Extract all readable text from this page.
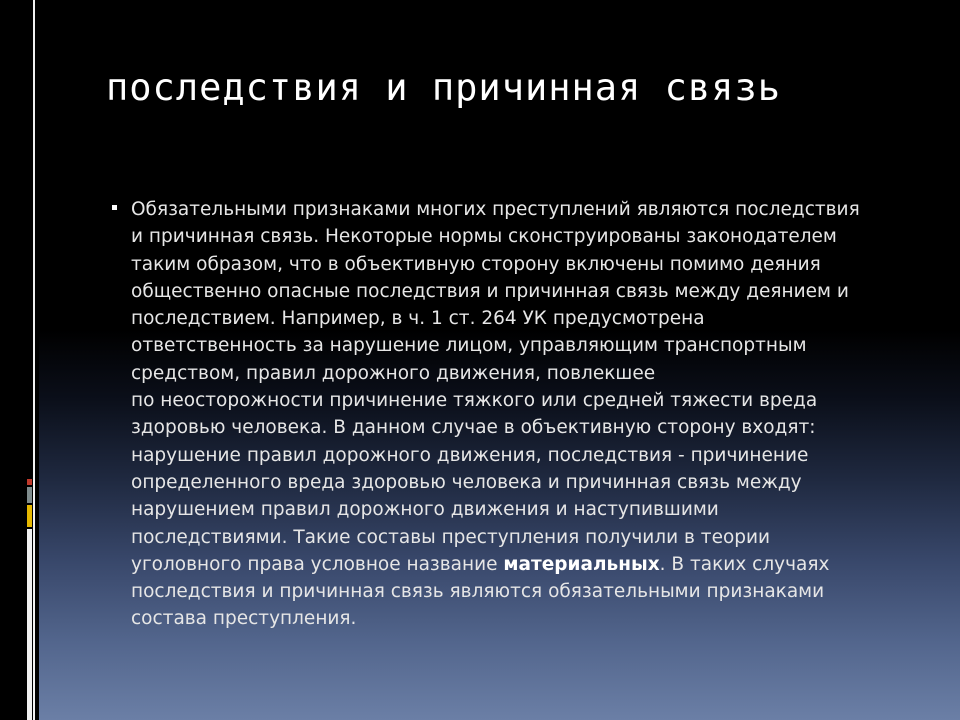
последствия и причинная связь
Обязательными признаками многих преступлений являются последствия
и причинная связь. Некоторые нормы сконструированы законодателем
таким образом, что в объективную сторону включены помимо деяния
общественно опасные последствия и причинная связь между деянием и
последствием. Например, в ч. 1 ст. 264 УК предусмотрена
ответственность за нарушение лицом, управляющим транспортным
средством, правил дорожного движения, повлекшее
по неосторожности причинение тяжкого или средней тяжести вреда
здоровью человека. В данном случае в объективную сторону входят:
нарушение правил дорожного движения, последствия - причинение
определенного вреда здоровью человека и причинная связь между
нарушением правил дорожного движения и наступившими
последствиями. Такие составы преступления получили в теории
уголовного права условное название материальных. В таких случаях
последствия и причинная связь являются обязательными признаками
состава преступления.
